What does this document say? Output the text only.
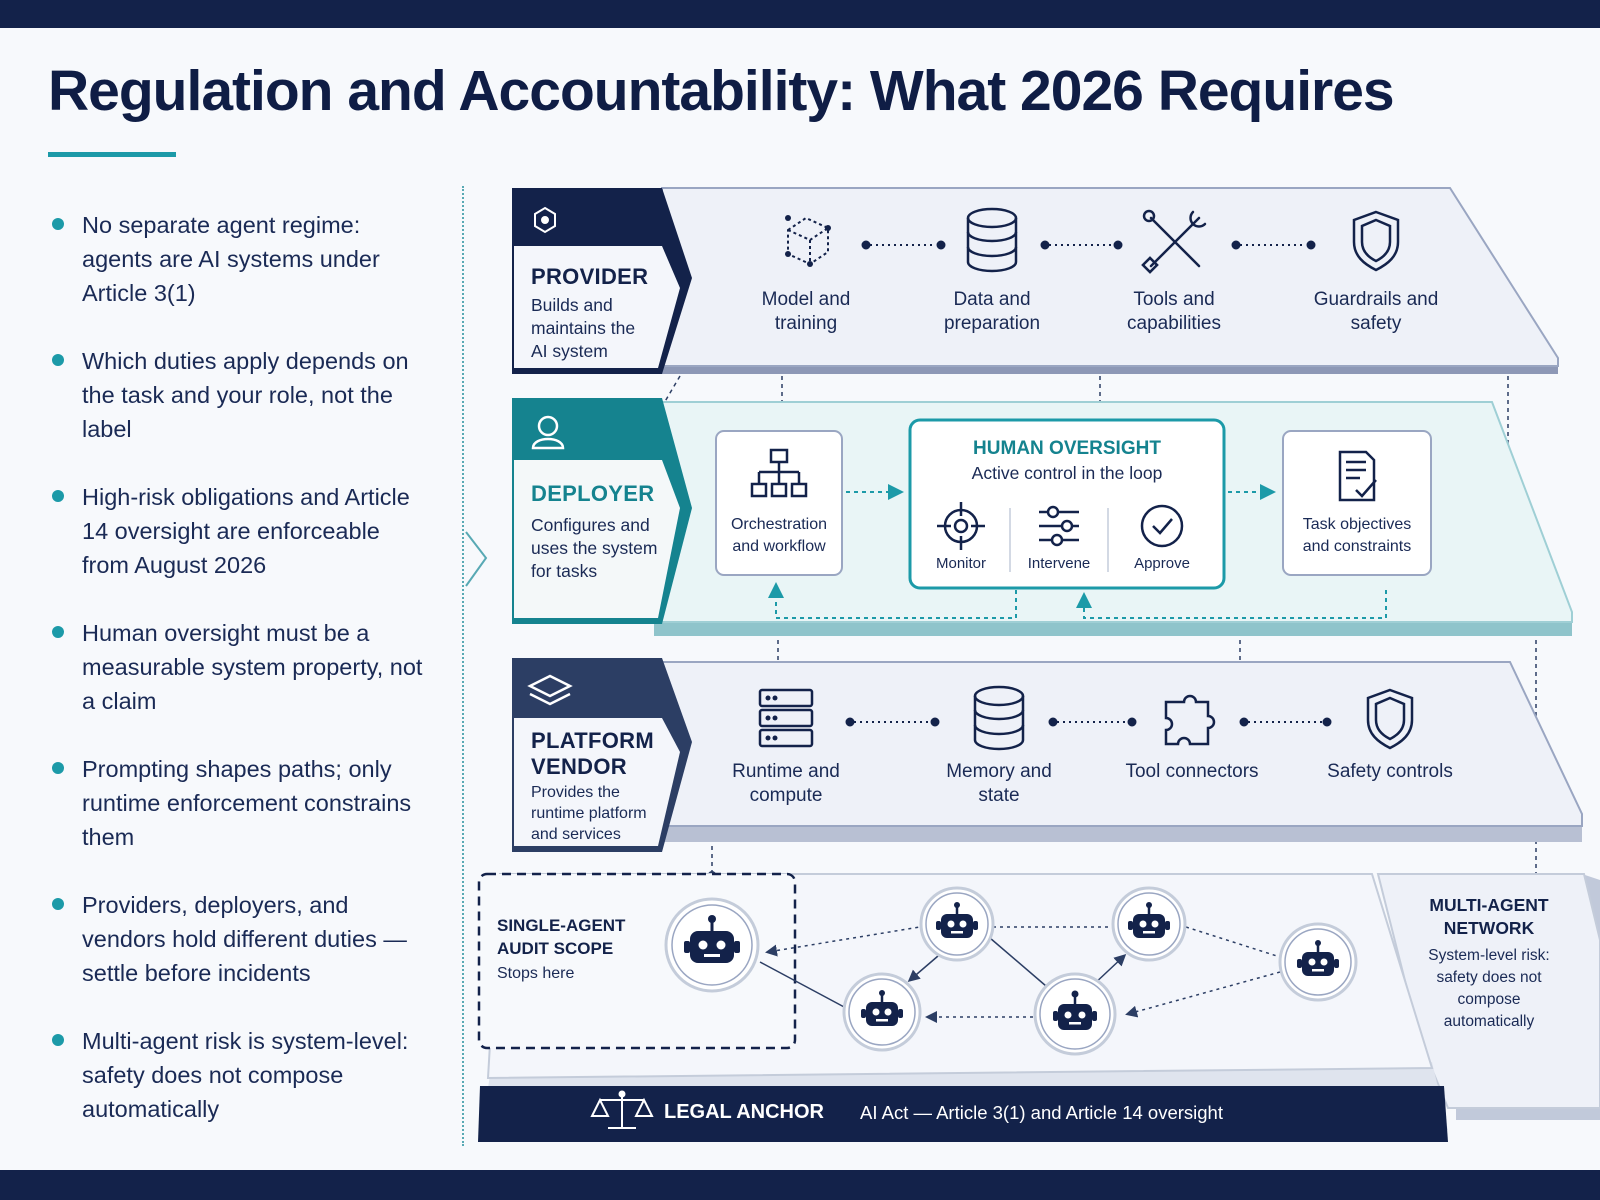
Regulation and Accountability: What 2026 Requires
No separate agent regime: agents are AI systems under Article 3(1)
Which duties apply depends on the task and your role, not the label
High-risk obligations and Article 14 oversight are enforceable from August 2026
Human oversight must be a measurable system property, not a claim
Prompting shapes paths; only runtime enforcement constrains them
Providers, deployers, and vendors hold different duties — settle before incidents
Multi-agent risk is system-level: safety does not compose automatically
PROVIDER
Builds and maintains the AI system
Model and training
Data and preparation
Tools and capabilities
Guardrails and safety
DEPLOYER
Configures and uses the system for tasks
Orchestration and workflow
HUMAN OVERSIGHT
Active control in the loop
Monitor	Intervene	Approve
Task objectives and constraints
PLATFORM VENDOR
Provides the runtime platform and services
Runtime and compute
Memory and state
Tool connectors	Safety controls
SINGLE-AGENT AUDIT SCOPE
Stops here
MULTI-AGENT NETWORK
System-level risk: safety does not compose automatically
LEGAL ANCHOR AI Act — Article 3(1) and Article 14 oversight
